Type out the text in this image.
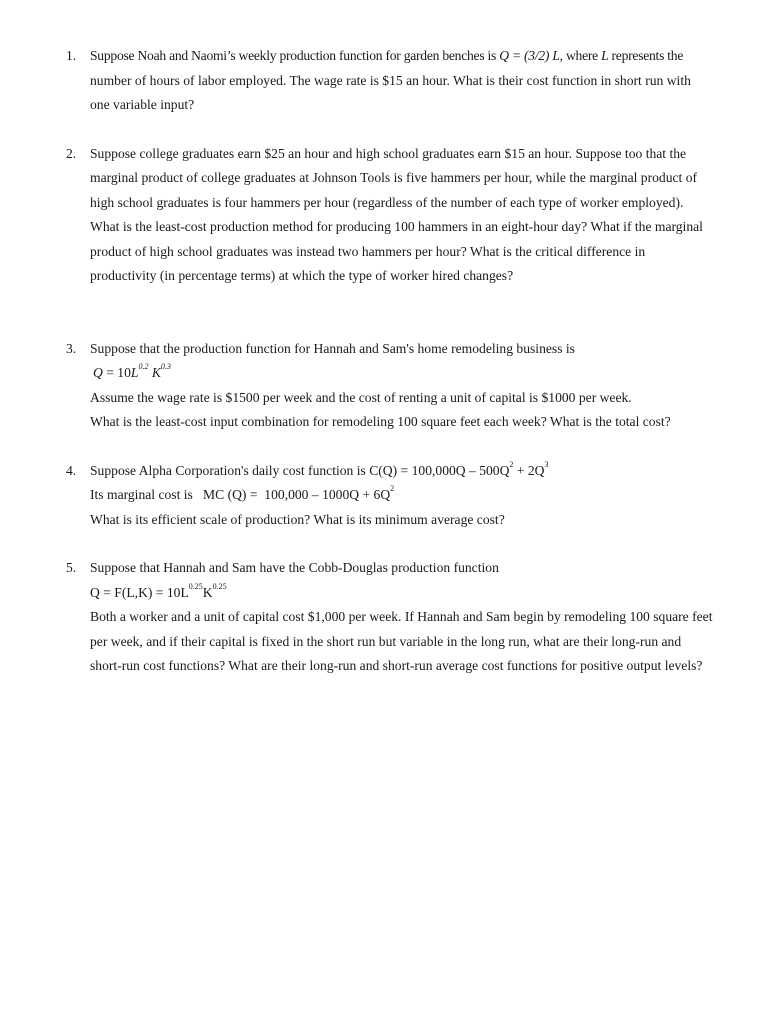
1. Suppose Noah and Naomi’s weekly production function for garden benches is Q = (3/2) L, where L represents the
number of hours of labor employed. The wage rate is $15 an hour. What is their cost function in short run with
one variable input?
2. Suppose college graduates earn $25 an hour and high school graduates earn $15 an hour. Suppose too that the
marginal product of college graduates at Johnson Tools is five hammers per hour, while the marginal product of
high school graduates is four hammers per hour (regardless of the number of each type of worker employed).
What is the least-cost production method for producing 100 hammers in an eight-hour day? What if the marginal
product of high school graduates was instead two hammers per hour? What is the critical difference in
productivity (in percentage terms) at which the type of worker hired changes?
3. Suppose that the production function for Hannah and Sam's home remodeling business is
$Q = 10L^{0.2}$ $K^{0.3}$
Assume the wage rate is $1500 per week and the cost of renting a unit of capital is $1000 per week.
What is the least-cost input combination for remodeling 100 square feet each week? What is the total cost?
4. Suppose Alpha Corporation's daily cost function is $C(Q) = 100,000Q - 500Q^2 + 2Q^3$
Its marginal cost is   MC $(Q) = 100,000 - 1000Q + 6Q^2$
What is its efficient scale of production? What is its minimum average cost?
5. Suppose that Hannah and Sam have the Cobb-Douglas production function
$Q = F(L,K) = 10L^{0.25}K^{0.25}$
Both a worker and a unit of capital cost $1,000 per week. If Hannah and Sam begin by remodeling 100 square feet
per week, and if their capital is fixed in the short run but variable in the long run, what are their long-run and
short-run cost functions? What are their long-run and short-run average cost functions for positive output levels?
